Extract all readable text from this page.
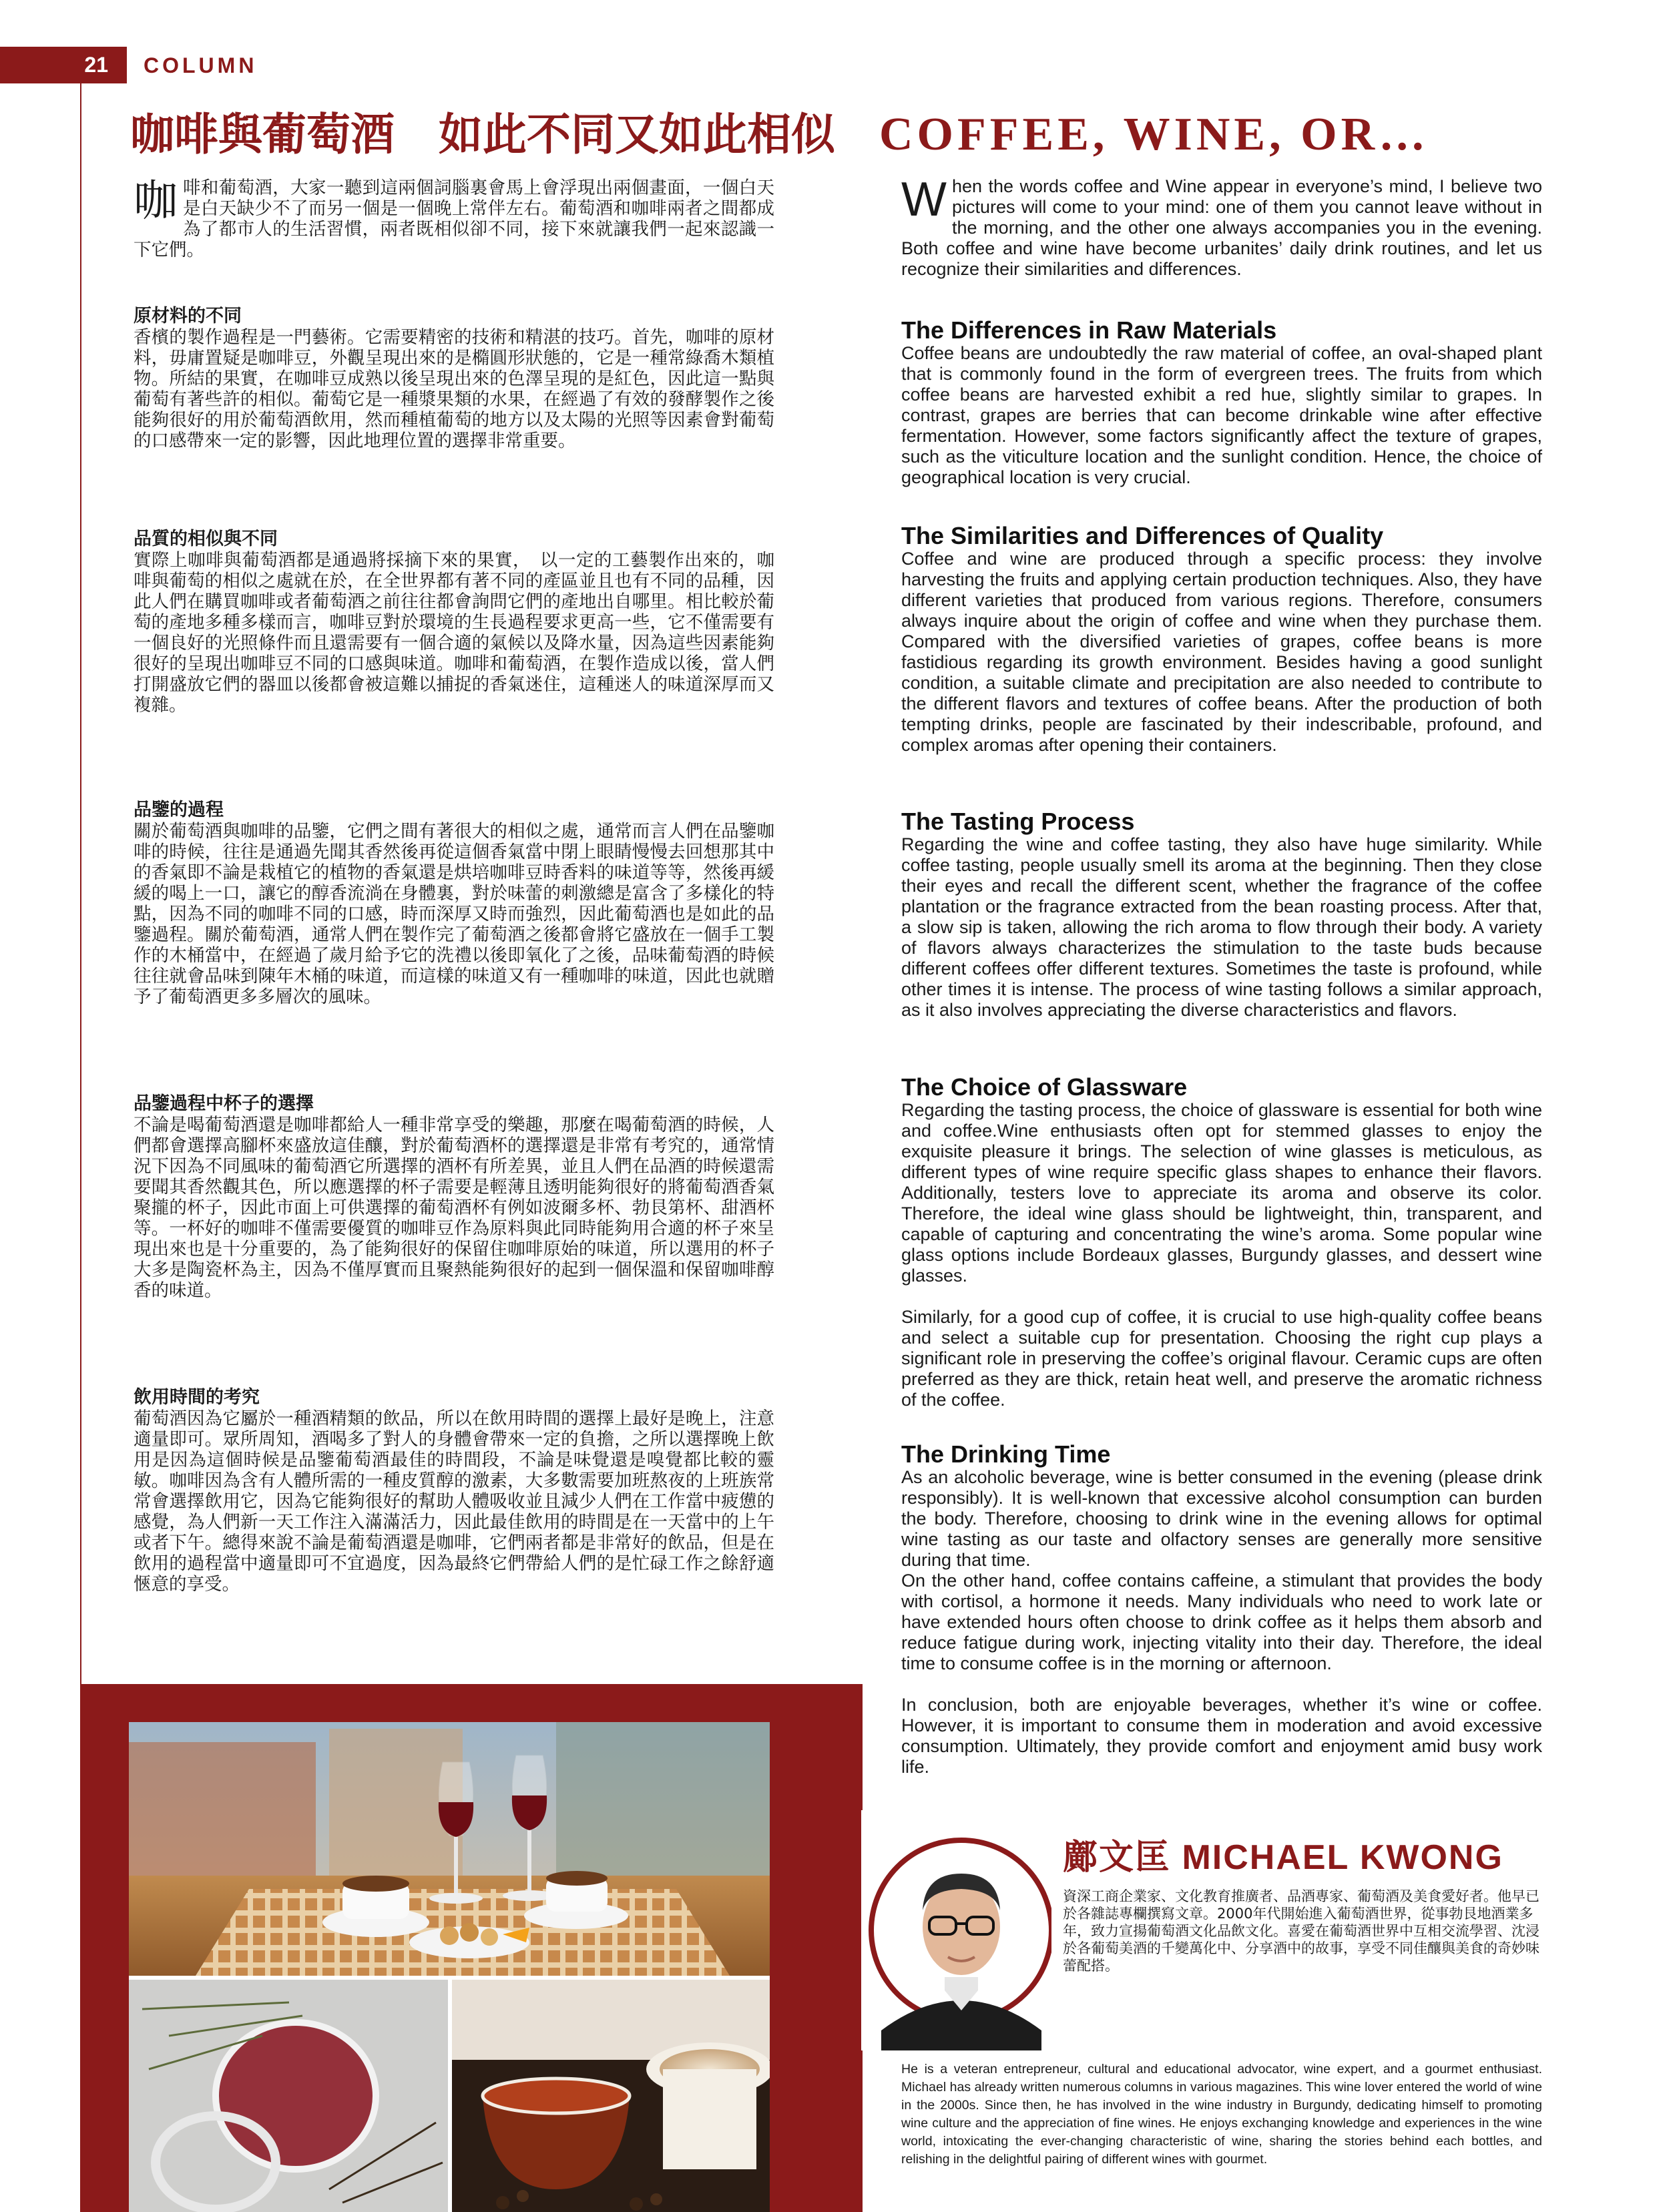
21 COLUMN
咖啡與葡萄酒　如此不同又如此相似  COFFEE, WINE, OR…
咖 啡和葡萄酒，大家一聽到這兩個詞腦裏會馬上會浮現出兩個畫面，一個白天是白天缺少不了而另一個是一個晚上常伴左右。葡萄酒和咖啡兩者之間都成為了都市人的生活習慣，兩者既相似卻不同，接下來就讓我們一起來認識一下它們。

原材料的不同

香檳的製作過程是一門藝術。它需要精密的技術和精湛的技巧。首先，咖啡的原材料，毋庸置疑是咖啡豆，外觀呈現出來的是橢圓形狀態的，它是一種常綠喬木類植物。所結的果實，在咖啡豆成熟以後呈現出來的色澤呈現的是紅色，因此這一點與葡萄有著些許的相似。葡萄它是一種漿果類的水果，在經過了有效的發酵製作之後能夠很好的用於葡萄酒飲用，然而種植葡萄的地方以及太陽的光照等因素會對葡萄的口感帶來一定的影響，因此地理位置的選擇非常重要。

品質的相似與不同

實際上咖啡與葡萄酒都是通過將採摘下來的果實，　以一定的工藝製作出來的，咖啡與葡萄的相似之處就在於，在全世界都有著不同的產區並且也有不同的品種，因此人們在購買咖啡或者葡萄酒之前往往都會詢問它們的產地出自哪里。相比較於葡萄的產地多種多樣而言，咖啡豆對於環境的生長過程要求更高一些，它不僅需要有一個良好的光照條件而且還需要有一個合適的氣候以及降水量，因為這些因素能夠很好的呈現出咖啡豆不同的口感與味道。咖啡和葡萄酒，在製作造成以後，當人們打開盛放它們的器皿以後都會被這難以捕捉的香氣迷住，這種迷人的味道深厚而又複雜。

品鑒的過程

關於葡萄酒與咖啡的品鑒，它們之間有著很大的相似之處，通常而言人們在品鑒咖啡的時候，往往是通過先聞其香然後再從這個香氣當中閉上眼睛慢慢去回想那其中的香氣即不論是栽植它的植物的香氣還是烘培咖啡豆時香料的味道等等，然後再緩緩的喝上一口，讓它的醇香流淌在身體裏，對於味蕾的刺激總是富含了多樣化的特點，因為不同的咖啡不同的口感，時而深厚又時而強烈，因此葡萄酒也是如此的品鑒過程。關於葡萄酒，通常人們在製作完了葡萄酒之後都會將它盛放在一個手工製作的木桶當中，在經過了歲月給予它的洗禮以後即氧化了之後，品味葡萄酒的時候往往就會品味到陳年木桶的味道，而這樣的味道又有一種咖啡的味道，因此也就贈予了葡萄酒更多多層次的風味。

品鑒過程中杯子的選擇

不論是喝葡萄酒還是咖啡都給人一種非常享受的樂趣，那麼在喝葡萄酒的時候，人們都會選擇高腳杯來盛放這佳釀，對於葡萄酒杯的選擇還是非常有考究的，通常情況下因為不同風味的葡萄酒它所選擇的酒杯有所差異，並且人們在品酒的時候還需要聞其香然觀其色，所以應選擇的杯子需要是輕薄且透明能夠很好的將葡萄酒香氣聚攏的杯子，因此市面上可供選擇的葡萄酒杯有例如波爾多杯、勃艮第杯、甜酒杯等。一杯好的咖啡不僅需要優質的咖啡豆作為原料與此同時能夠用合適的杯子來呈現出來也是十分重要的，為了能夠很好的保留住咖啡原始的味道，所以選用的杯子大多是陶瓷杯為主，因為不僅厚實而且聚熱能夠很好的起到一個保溫和保留咖啡醇香的味道。

飲用時間的考究

葡萄酒因為它屬於一種酒精類的飲品，所以在飲用時間的選擇上最好是晚上，注意適量即可。眾所周知，酒喝多了對人的身體會帶來一定的負擔，之所以選擇晚上飲用是因為這個時候是品鑒葡萄酒最佳的時間段，不論是味覺還是嗅覺都比較的靈敏。咖啡因為含有人體所需的一種皮質醇的激素，大多數需要加班熬夜的上班族常常會選擇飲用它，因為它能夠很好的幫助人體吸收並且減少人們在工作當中疲憊的感覺，為人們新一天工作注入滿滿活力，因此最佳飲用的時間是在一天當中的上午或者下午。總得來說不論是葡萄酒還是咖啡，它們兩者都是非常好的飲品，但是在飲用的過程當中適量即可不宜過度，因為最終它們帶給人們的是忙碌工作之餘舒適愜意的享受。

W hen the words coffee and Wine appear in everyone’s mind, I believe two pictures will come to your mind: one of them you cannot leave without in the morning, and the other one always accompanies you in the evening. Both coffee and wine have become urbanites’ daily drink routines, and let us recognize their similarities and differences.

The Differences in Raw Materials

Coffee beans are undoubtedly the raw material of coffee, an oval-shaped plant that is commonly found in the form of evergreen trees. The fruits from which coffee beans are harvested exhibit a red hue, slightly similar to grapes. In contrast, grapes are berries that can become drinkable wine after effective fermentation. However, some factors significantly affect the texture of grapes, such as the viticulture location and the sunlight condition. Hence, the choice of geographical location is very crucial.

The Similarities and Differences of Quality

Coffee and wine are produced through a specific process: they involve harvesting the fruits and applying certain production techniques. Also, they have different varieties that produced from various regions. Therefore, consumers always inquire about the origin of coffee and wine when they purchase them. Compared with the diversified varieties of grapes, coffee beans is more fastidious regarding its growth environment. Besides having a good sunlight condition, a suitable climate and precipitation are also needed to contribute to the different flavors and textures of coffee beans. After the production of both tempting drinks, people are fascinated by their indescribable, profound, and complex aromas after opening their containers.

The Tasting Process

Regarding the wine and coffee tasting, they also have huge similarity. While coffee tasting, people usually smell its aroma at the beginning. Then they close their eyes and recall the different scent, whether the fragrance of the coffee plantation or the fragrance extracted from the bean roasting process. After that, a slow sip is taken, allowing the rich aroma to flow through their body. A variety of flavors always characterizes the stimulation to the taste buds because different coffees offer different textures. Sometimes the taste is profound, while other times it is intense. The process of wine tasting follows a similar approach, as it also involves appreciating the diverse characteristics and flavors.

The Choice of Glassware

Regarding the tasting process, the choice of glassware is essential for both wine and coffee.Wine enthusiasts often opt for stemmed glasses to enjoy the exquisite pleasure it brings. The selection of wine glasses is meticulous, as different types of wine require specific glass shapes to enhance their flavors. Additionally, testers love to appreciate its aroma and observe its color. Therefore, the ideal wine glass should be lightweight, thin, transparent, and capable of capturing and concentrating the wine’s aroma. Some popular wine glass options include Bordeaux glasses, Burgundy glasses, and dessert wine glasses.

Similarly, for a good cup of coffee, it is crucial to use high-quality coffee beans and select a suitable cup for presentation. Choosing the right cup plays a significant role in preserving the coffee’s original flavour. Ceramic cups are often preferred as they are thick, retain heat well, and preserve the aromatic richness of the coffee.

The Drinking Time

As an alcoholic beverage, wine is better consumed in the evening (please drink responsibly). It is well-known that excessive alcohol consumption can burden the body. Therefore, choosing to drink wine in the evening allows for optimal wine tasting as our taste and olfactory senses are generally more sensitive during that time.

On the other hand, coffee contains caffeine, a stimulant that provides the body with cortisol, a hormone it needs. Many individuals who need to work late or have extended hours often choose to drink coffee as it helps them absorb and reduce fatigue during work, injecting vitality into their day. Therefore, the ideal time to consume coffee is in the morning or afternoon.

In conclusion, both are enjoyable beverages, whether it’s wine or coffee. However, it is important to consume them in moderation and avoid excessive consumption. Ultimately, they provide comfort and enjoyment amid busy work life.

鄺文匡 MICHAEL KWONG
資深工商企業家、文化教育推廣者、品酒專家、葡萄酒及美食愛好者。他早已於各雜誌專欄撰寫文章。2000年代開始進入葡萄酒世界，從事勃艮地酒業多年，致力宣揚葡萄酒文化品飲文化。喜愛在葡萄酒世界中互相交流學習、沈浸於各葡萄美酒的千變萬化中、分享酒中的故事，享受不同佳釀與美食的奇妙味蕾配搭。
He is a veteran entrepreneur, cultural and educational advocator, wine expert, and a gourmet enthusiast. Michael has already written numerous columns in various magazines. This wine lover entered the world of wine in the 2000s. Since then, he has involved in the wine industry in Burgundy, dedicating himself to promoting wine culture and the appreciation of fine wines. He enjoys exchanging knowledge and experiences in the wine world, intoxicating the ever-changing characteristic of wine, sharing the stories behind each bottles, and relishing in the delightful pairing of different wines with gourmet.
